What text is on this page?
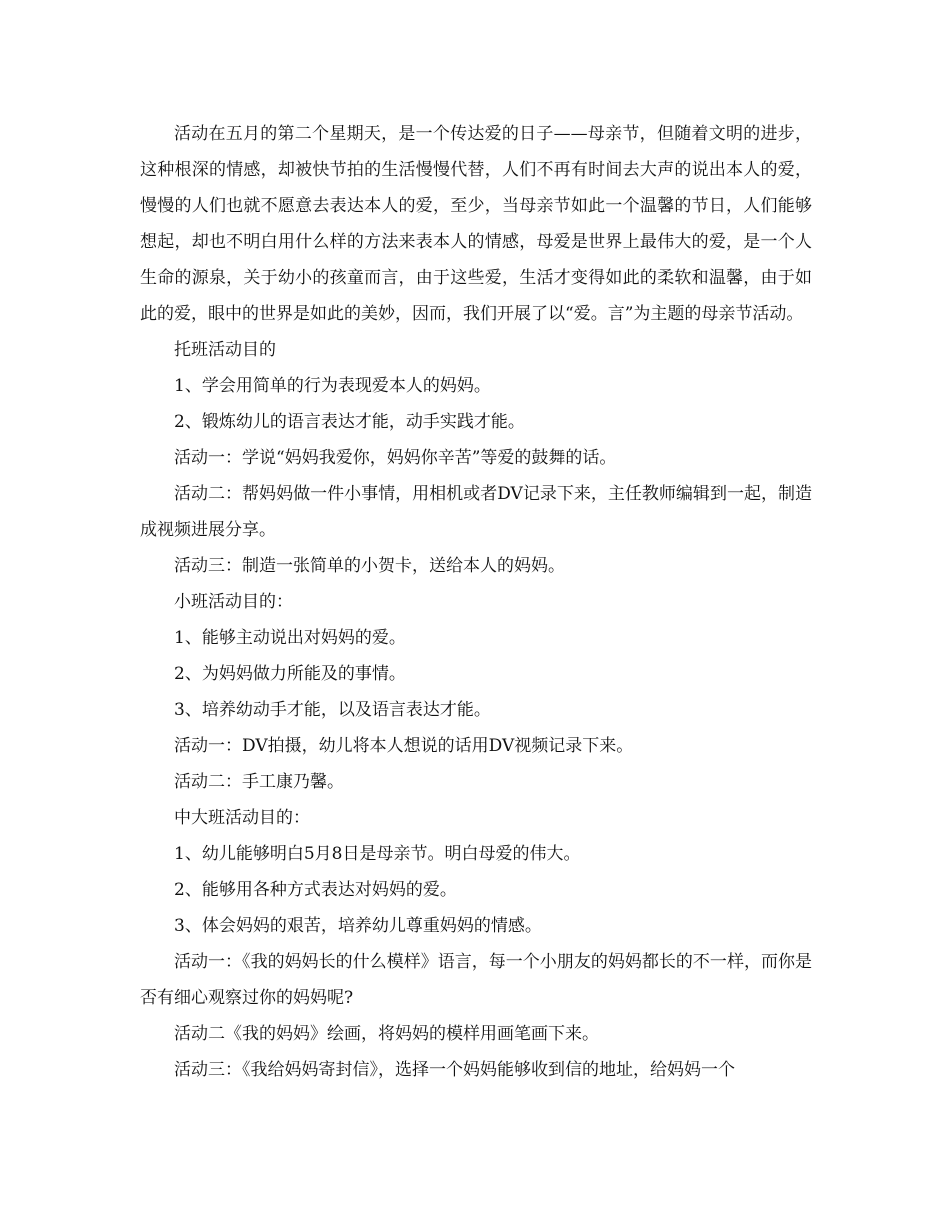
活动在五月的第二个星期天，是一个传达爱的日子——母亲节，但随着文明的进步，这种根深的情感，却被快节拍的生活慢慢代替，人们不再有时间去大声的说出本人的爱，慢慢的人们也就不愿意去表达本人的爱，至少，当母亲节如此一个温馨的节日，人们能够想起，却也不明白用什么样的方法来表本人的情感，母爱是世界上最伟大的爱，是一个人生命的源泉，关于幼小的孩童而言，由于这些爱，生活才变得如此的柔软和温馨，由于如此的爱，眼中的世界是如此的美妙，因而，我们开展了以“爱。言”为主题的母亲节活动。

托班活动目的

1、学会用简单的行为表现爱本人的妈妈。

2、锻炼幼儿的语言表达才能，动手实践才能。

活动一：学说“妈妈我爱你，妈妈你辛苦”等爱的鼓舞的话。

活动二：帮妈妈做一件小事情，用相机或者DV记录下来，主任教师编辑到一起，制造成视频进展分享。

活动三：制造一张简单的小贺卡，送给本人的妈妈。

小班活动目的：

1、能够主动说出对妈妈的爱。

2、为妈妈做力所能及的事情。

3、培养幼动手才能，以及语言表达才能。

活动一：DV拍摄，幼儿将本人想说的话用DV视频记录下来。

活动二：手工康乃馨。

中大班活动目的：

1、幼儿能够明白5月8日是母亲节。明白母爱的伟大。

2、能够用各种方式表达对妈妈的爱。

3、体会妈妈的艰苦，培养幼儿尊重妈妈的情感。

活动一：《我的妈妈长的什么模样》语言，每一个小朋友的妈妈都长的不一样，而你是否有细心观察过你的妈妈呢?

活动二《我的妈妈》绘画，将妈妈的模样用画笔画下来。

活动三：《我给妈妈寄封信》，选择一个妈妈能够收到信的地址，给妈妈一个
